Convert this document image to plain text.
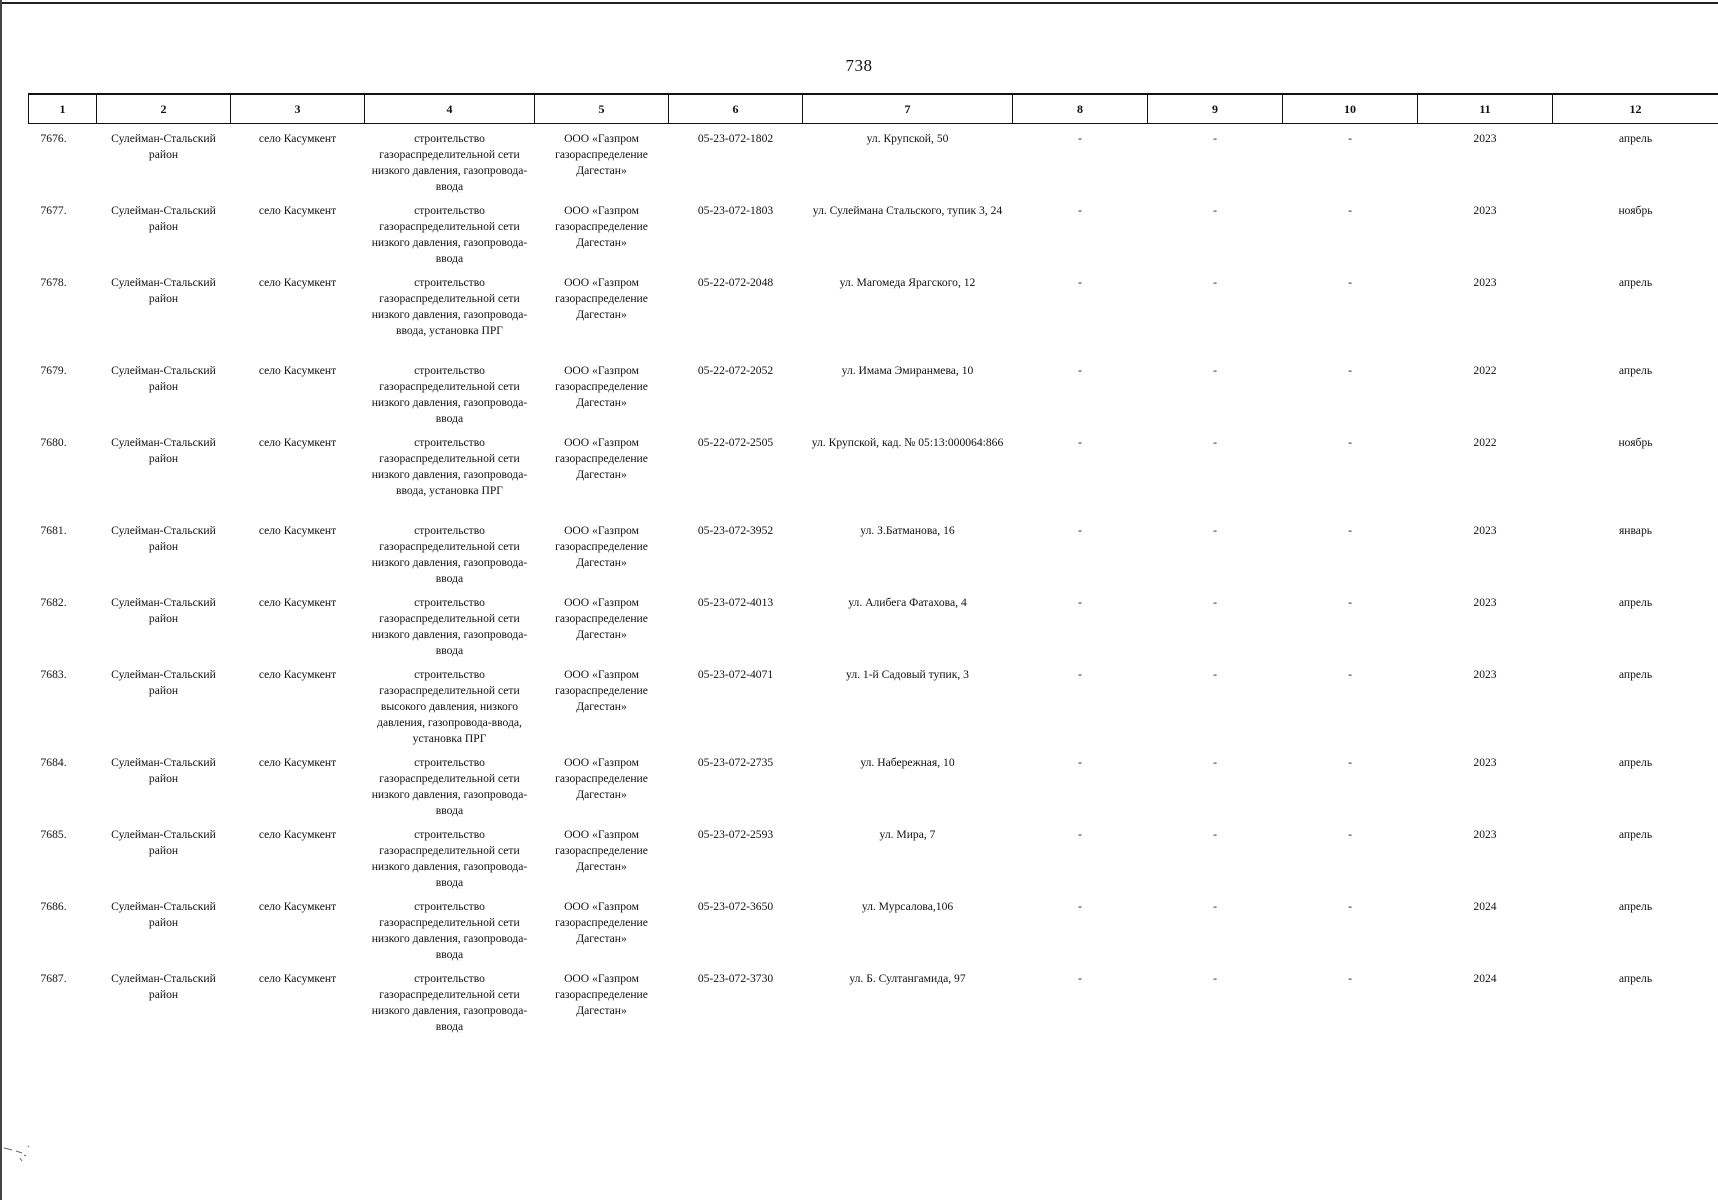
738
1	2	3	4	5	6	7	8	9	10	11	12
7676.	Сулейман-Стальский район	село Касумкент	строительство газораспределительной сети низкого давления, газопровода-ввода	ООО «Газпром газораспределение Дагестан»	05-23-072-1802	ул. Крупской, 50	-	-	-	2023	апрель
7677.	Сулейман-Стальский район	село Касумкент	строительство газораспределительной сети низкого давления, газопровода-ввода	ООО «Газпром газораспределение Дагестан»	05-23-072-1803	ул. Сулеймана Стальского, тупик 3, 24	-	-	-	2023	ноябрь
7678.	Сулейман-Стальский район	село Касумкент	строительство газораспределительной сети низкого давления, газопровода-ввода, установка ПРГ	ООО «Газпром газораспределение Дагестан»	05-22-072-2048	ул. Магомеда Ярагского, 12	-	-	-	2023	апрель
7679.	Сулейман-Стальский район	село Касумкент	строительство газораспределительной сети низкого давления, газопровода-ввода	ООО «Газпром газораспределение Дагестан»	05-22-072-2052	ул. Имама Эмиранмева, 10	-	-	-	2022	апрель
7680.	Сулейман-Стальский район	село Касумкент	строительство газораспределительной сети низкого давления, газопровода-ввода, установка ПРГ	ООО «Газпром газораспределение Дагестан»	05-22-072-2505	ул. Крупской, кад. № 05:13:000064:866	-	-	-	2022	ноябрь
7681.	Сулейман-Стальский район	село Касумкент	строительство газораспределительной сети низкого давления, газопровода-ввода	ООО «Газпром газораспределение Дагестан»	05-23-072-3952	ул. З.Батманова, 16	-	-	-	2023	январь
7682.	Сулейман-Стальский район	село Касумкент	строительство газораспределительной сети низкого давления, газопровода-ввода	ООО «Газпром газораспределение Дагестан»	05-23-072-4013	ул. Алибега Фатахова, 4	-	-	-	2023	апрель
7683.	Сулейман-Стальский район	село Касумкент	строительство газораспределительной сети высокого давления, низкого давления, газопровода-ввода, установка ПРГ	ООО «Газпром газораспределение Дагестан»	05-23-072-4071	ул. 1-й Садовый тупик, 3	-	-	-	2023	апрель
7684.	Сулейман-Стальский район	село Касумкент	строительство газораспределительной сети низкого давления, газопровода-ввода	ООО «Газпром газораспределение Дагестан»	05-23-072-2735	ул. Набережная, 10	-	-	-	2023	апрель
7685.	Сулейман-Стальский район	село Касумкент	строительство газораспределительной сети низкого давления, газопровода-ввода	ООО «Газпром газораспределение Дагестан»	05-23-072-2593	ул. Мира, 7	-	-	-	2023	апрель
7686.	Сулейман-Стальский район	село Касумкент	строительство газораспределительной сети низкого давления, газопровода-ввода	ООО «Газпром газораспределение Дагестан»	05-23-072-3650	ул. Мурсалова,106	-	-	-	2024	апрель
7687.	Сулейман-Стальский район	село Касумкент	строительство газораспределительной сети низкого давления, газопровода-ввода	ООО «Газпром газораспределение Дагестан»	05-23-072-3730	ул. Б. Султангамида, 97	-	-	-	2024	апрель
